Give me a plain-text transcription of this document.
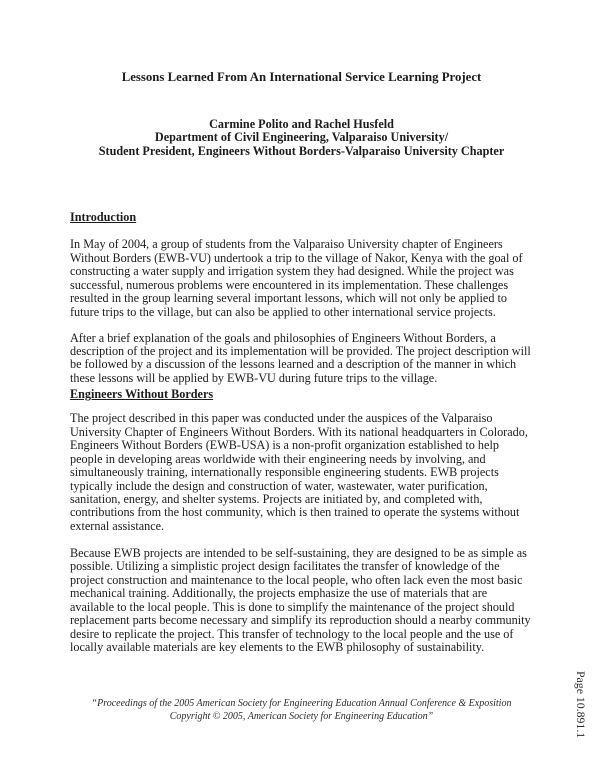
Lessons Learned From An International Service Learning Project
Carmine Polito and Rachel Husfeld
Department of Civil Engineering, Valparaiso University/
Student President, Engineers Without Borders-Valparaiso University Chapter
Introduction

In May of 2004, a group of students from the Valparaiso University chapter of Engineers Without Borders (EWB-VU) undertook a trip to the village of Nakor, Kenya with the goal of constructing a water supply and irrigation system they had designed. While the project was successful, numerous problems were encountered in its implementation. These challenges resulted in the group learning several important lessons, which will not only be applied to future trips to the village, but can also be applied to other international service projects.

After a brief explanation of the goals and philosophies of Engineers Without Borders, a description of the project and its implementation will be provided. The project description will be followed by a discussion of the lessons learned and a description of the manner in which these lessons will be applied by EWB-VU during future trips to the village.

Engineers Without Borders

The project described in this paper was conducted under the auspices of the Valparaiso University Chapter of Engineers Without Borders. With its national headquarters in Colorado, Engineers Without Borders (EWB-USA) is a non-profit organization established to help people in developing areas worldwide with their engineering needs by involving, and simultaneously training, internationally responsible engineering students. EWB projects typically include the design and construction of water, wastewater, water purification, sanitation, energy, and shelter systems. Projects are initiated by, and completed with, contributions from the host community, which is then trained to operate the systems without external assistance.

Because EWB projects are intended to be self-sustaining, they are designed to be as simple as possible. Utilizing a simplistic project design facilitates the transfer of knowledge of the project construction and maintenance to the local people, who often lack even the most basic mechanical training. Additionally, the projects emphasize the use of materials that are available to the local people. This is done to simplify the maintenance of the project should replacement parts become necessary and simplify its reproduction should a nearby community desire to replicate the project. This transfer of technology to the local people and the use of locally available materials are key elements to the EWB philosophy of sustainability.

“Proceedings of the 2005 American Society for Engineering Education Annual Conference & Exposition
Copyright © 2005, American Society for Engineering Education”	Page 10.891.1
